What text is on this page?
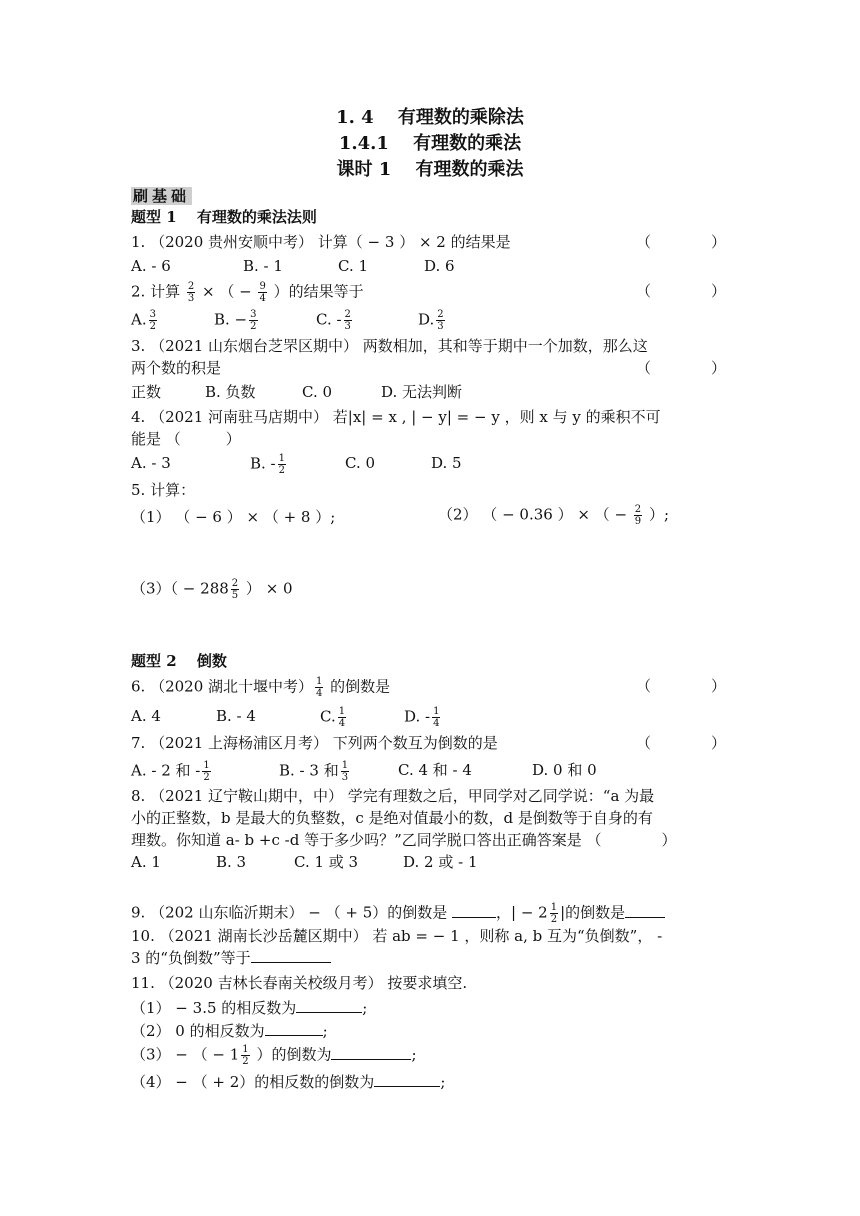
1. 4　 有理数的乘除法
1.4.1　 有理数的乘法
课时 1　 有理数的乘法
刷基础
题型 1　 有理数的乘法法则
1. （2020 贵州安顺中考） 计算（ − 3 ） × 2 的结果是	（　　　　）
A. - 6	B. - 1	C. 1	D. 6
2. 计算 $\frac{2}{3}$ × （ − $\frac{9}{4}$ ）的结果等于	（　　　　）
A. $\frac{3}{2}$	B. − $\frac{3}{2}$	C. - $\frac{2}{3}$	D. $\frac{2}{3}$
3. （2021 山东烟台芝罘区期中） 两数相加，其和等于期中一个加数，那么这
两个数的积是	（　　　　）
正数	B. 负数	C. 0	D. 无法判断
4. （2021 河南驻马店期中） 若|x| = x , | − y| = − y ，则 x 与 y 的乘积不可
能是 （　　　）
A. - 3	B. - $\frac{1}{2}$	C. 0	D. 5
5. 计算：
（1） （ − 6 ） × （ + 8 ）;	（2） （ − 0.36 ） × （ − $\frac{2}{9}$ ）;
$(3)( - 288 \frac{2}{5}$ ） × 0
题型 2　 倒数
6. （2020 湖北十堰中考） $\frac{1}{4}$ 的倒数是	（　　　　）
A. 4	B. - 4	C. $\frac{1}{4}$	D. - $\frac{1}{4}$
7. （2021 上海杨浦区月考） 下列两个数互为倒数的是	（　　　　）
A. - 2 和 - $\frac{1}{2}$	B. - 3 和 $\frac{1}{3}$	C. 4 和 - 4	D. 0 和 0
8. （2021 辽宁鞍山期中，中） 学完有理数之后，甲同学对乙同学说：“a 为最
小的正整数，b 是最大的负整数，c 是绝对值最小的数，d 是倒数等于自身的有
理数。你知道 a- b +c -d 等于多少吗？”乙同学脱口答出正确答案是 （　　　　）
A. 1	B. 3	C. 1 或 3	D. 2 或 - 1
9. （202 山东临沂期末） − （ + 5）的倒数是	，| − $2 \frac{1}{2}$ |的倒数是
10. （2021 湖南长沙岳麓区期中） 若 ab = − 1 ，则称 a, b 互为“负倒数”， -
3 的“负倒数”等于
11. （2020 吉林长春南关校级月考） 按要求填空.
（1） − 3.5 的相反数为	;
（2） 0 的相反数为	;
（3） − （ − $1 \frac{1}{2}$ ）的倒数为	;
（4） − （ + 2）的相反数的倒数为	;
